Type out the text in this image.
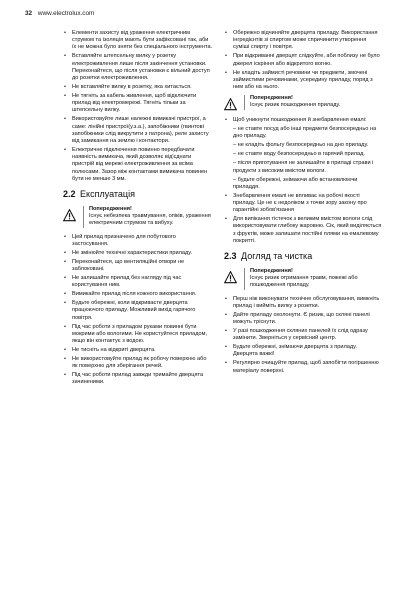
32 www.electrolux.com
• Елементи захисту від ураження електричним струмом та ізоляція мають бути зафіксовані так, аби їх не можна було зняти без спеціального інструмента.
• Вставляйте штепсельну вилку у розетку електроживлення лише після закінчення установки. Переконайтеся, що після установки є вільний доступ до розетки електроживлення.
• Не вставляйте вилку в розетку, яка хитається.
• Не тягніть за кабель живлення, щоб відключити прилад від електромережі. Тягніть тільки за штепсельну вилку.
• Використовуйте лише належні вимикачі пристрої, а саме: лінійні пристрої(у.з.а.), запобіжники (гвинтові запобіжники слід викрутити з патрона), реле захисту від замикання на землю і контактори.
• Електричне підключення повинно передбачати наявність вимикача, який дозволяє від'єднати пристрій від мережі електроживлення за всіма полюсами. Зазор між контактами вимикача повинен бути не менше 3 мм.
2.2 Експлуатація
Попередження!
Існує небезпека травмування, опіків, ураження електричним струмом та вибуху.
• Цей прилад призначено для побутового застосування.
• Не змінюйте технічні характеристики приладу.
• Переконайтеся, що вентиляційні отвори не заблоковані.
• Не залишайте прилад без нагляду під час користування ним.
• Вимикайте прилад після кожного використання.
• Будьте обережні, коли відкриваєте дверцята працюючого приладу. Можливий вихід гарячого повітря.
• Під час роботи з приладом руками повинні бути мокрими або вологими. Не користуйтеся приладом, якщо він контактує з водою.
• Не тисніть на відкриті дверцята.
• Не використовуйте прилад як робочу поверхню або як поверхню для зберігання речей.
• Під час роботи прилад завжди тримайте дверцята зачиненими.
• Обережно відчиняйте дверцята приладу. Використання інгредієнтів зі спиртом може спричинити утворення суміші спирту і повітря.
• При відкриванні дверцят слідкуйте, аби поблизу не було джерел іскріння або відкритого вогню.
• Не кладіть займисті речовини чи предмети, змочені займистими речовинами, усередину приладу, поряд з ним або на нього.
Попередження!
Існує ризик пошкодження приладу.
• Щоб уникнути пошкодження й знебарвлення емалі:
– не ставте посуд або інші предмети безпосередньо на дно приладу.
– не кладіть фольгу безпосередньо на дно приладу.
– не ставте воду безпосередньо в гарячий прилад.
– після приготування не залишайте в приладі страви і продукти з високим вмістом вологи.
– будьте обережні, знімаючи або встановлюючи приладдя.
• Знебарвлення емалі не впливає на робочі якості приладу. Це не є недоліком з точки зору закону про гарантійні зобов'язання
• Для випікання тістечок з великим вмістом вологи слід використовувати глибоку жаровню. Сік, який виділяється з фруктів, може залишати постійні плями на емалевому покритті.
2.3 Догляд та чистка
Попередження!
Існує ризик отримання травм, пожежі або пошкодження приладу.
• Перш ніж виконувати технічне обслуговування, вимкніть прилад і вийміть вилку з розетки.
• Дайте приладу охолонути. Є ризик, що скляні панелі можуть тріснути.
• У разі пошкодження скляних панелей їх слід одразу замінити. Зверніться у сервісний центр.
• Будьте обережні, знімаючи дверцята з приладу. Дверцята важкі!
• Регулярно очищуйте прилад, щоб запобігти погіршенню матеріалу поверхні.
